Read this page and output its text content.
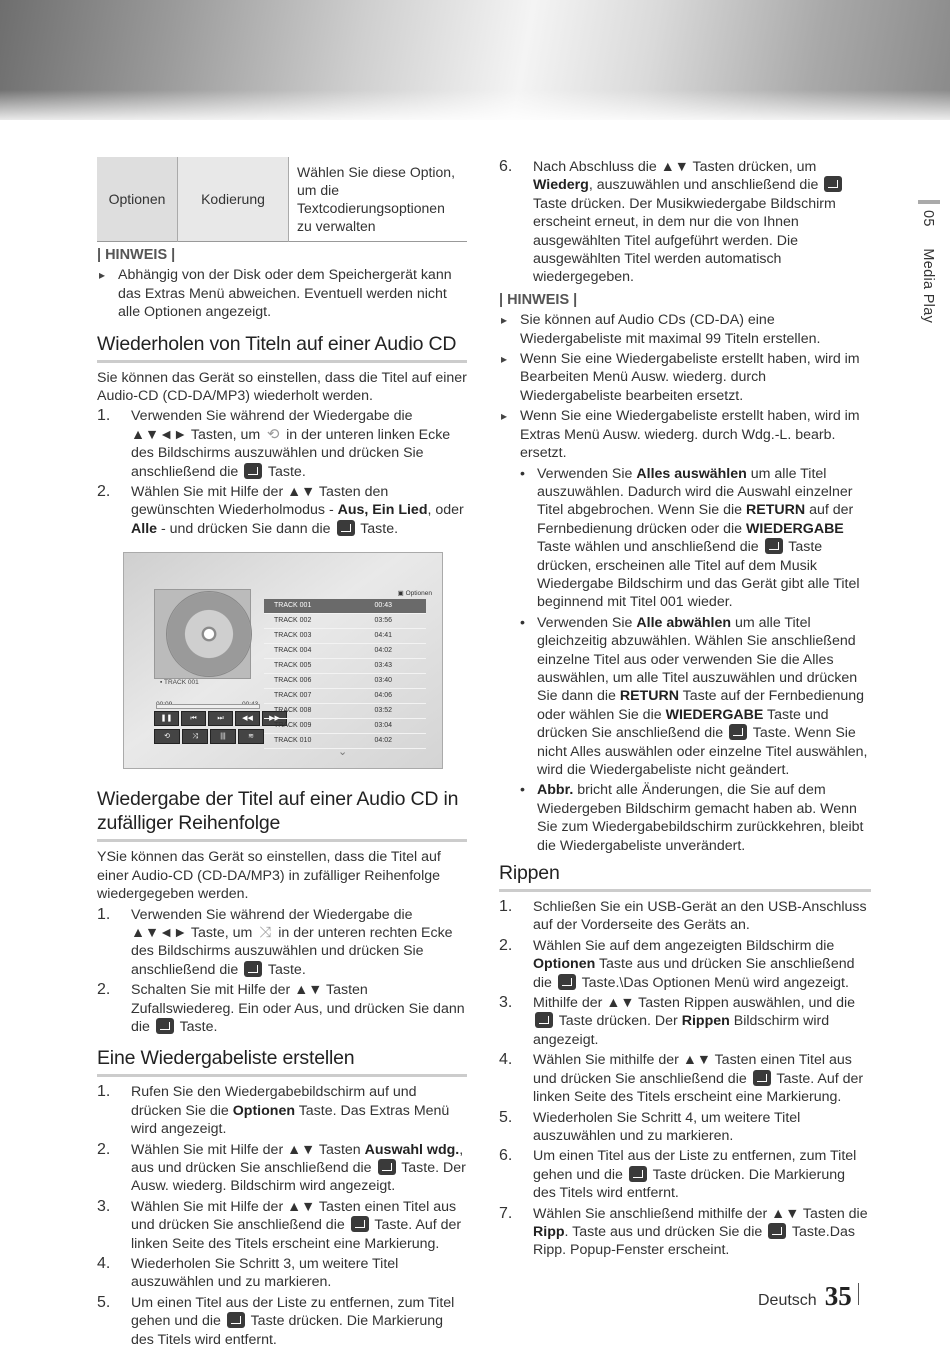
05     Media Play
Optionen	Kodierung	Wählen Sie diese Option, um die Textcodierungsoptionen zu verwalten
| HINWEIS |
▸ Abhängig von der Disk oder dem Speichergerät kann das Extras Menü abweichen. Eventuell werden nicht alle Optionen angezeigt.
Wiederholen von Titeln auf einer Audio CD

Sie können das Gerät so einstellen, dass die Titel auf einer Audio-CD (CD-DA/MP3) wiederholt werden.

1. Verwenden Sie während der Wiedergabe die ▲▼◄► Tasten, um ⟲ in der unteren linken Ecke des Bildschirms auszuwählen und drücken Sie anschließend die Taste.
2. Wählen Sie mit Hilfe der ▲▼ Tasten den gewünschten Wiederholmodus - Aus, Ein Lied, oder Alle - und drücken Sie dann die Taste.
▣ Optionen
▪ TRACK 001
❚❚	⏮	⏭	◀◀	▶▶
⟲	⤨	|||	≋
TRACK 001	00:43
TRACK 002	03:56
TRACK 003	04:41
TRACK 004	04:02
TRACK 005	03:43
TRACK 006	03:40
TRACK 007	04:06
TRACK 008	03:52
TRACK 009	03:04
TRACK 010	04:02
⌄
Wiedergabe der Titel auf einer Audio CD in zufälliger Reihenfolge

YSie können das Gerät so einstellen, dass die Titel auf einer Audio-CD (CD-DA/MP3) in zufälliger Reihenfolge wiedergegeben werden.

1. Verwenden Sie während der Wiedergabe die ▲▼◄► Taste, um ⤨ in der unteren rechten Ecke des Bildschirms auszuwählen und drücken Sie anschließend die Taste.
2. Schalten Sie mit Hilfe der ▲▼ Tasten Zufallswiedereg. Ein oder Aus, und drücken Sie dann die Taste.
Eine Wiedergabeliste erstellen
1. Rufen Sie den Wiedergabebildschirm auf und drücken Sie die Optionen Taste. Das Extras Menü wird angezeigt.
2. Wählen Sie mit Hilfe der ▲▼ Tasten Auswahl wdg., aus und drücken Sie anschließend die Taste. Der Ausw. wiederg. Bildschirm wird angezeigt.
3. Wählen Sie mit Hilfe der ▲▼ Tasten einen Titel aus und drücken Sie anschließend die Taste. Auf der linken Seite des Titels erscheint eine Markierung.
4. Wiederholen Sie Schritt 3, um weitere Titel auszuwählen und zu markieren.
5. Um einen Titel aus der Liste zu entfernen, zum Titel gehen und die Taste drücken. Die Markierung des Titels wird entfernt.
6. Nach Abschluss die ▲▼ Tasten drücken, um Wiederg, auszuwählen und anschließend die  Taste drücken. Der Musikwiedergabe Bildschirm erscheint erneut, in dem nur die von Ihnen ausgewählten Titel aufgeführt werden. Die ausgewählten Titel werden automatisch wiedergegeben.
| HINWEIS |
▸ Sie können auf Audio CDs (CD-DA) eine Wiedergabeliste mit maximal 99 Titeln erstellen.
▸ Wenn Sie eine Wiedergabeliste erstellt haben, wird im Bearbeiten Menü Ausw. wiederg. durch Wiedergabeliste bearbeiten ersetzt.
▸ Wenn Sie eine Wiedergabeliste erstellt haben, wird im Extras Menü Ausw. wiederg. durch Wdg.-L. bearb. ersetzt.
• Verwenden Sie Alles auswählen um alle Titel auszuwählen. Dadurch wird die Auswahl einzelner Titel abgebrochen. Wenn Sie die RETURN auf der Fernbedienung drücken oder die WIEDERGABE Taste wählen und anschließend die Taste drücken, erscheinen alle Titel auf dem Musik Wiedergabe Bildschirm und das Gerät gibt alle Titel beginnend mit Titel 001 wieder.
• Verwenden Sie Alle abwählen um alle Titel gleichzeitig abzuwählen. Wählen Sie anschließend einzelne Titel aus oder verwenden Sie die Alles auswählen, um alle Titel auszuwählen und drücken Sie dann die RETURN Taste auf der Fernbedienung oder wählen Sie die WIEDERGABE Taste und drücken Sie anschließend die Taste. Wenn Sie nicht Alles auswählen oder einzelne Titel auswählen, wird die Wiedergabeliste nicht geändert.
• Abbr. bricht alle Änderungen, die Sie auf dem Wiedergeben Bildschirm gemacht haben ab. Wenn Sie zum Wiedergabebildschirm zurückkehren, bleibt die Wiedergabeliste unverändert.
Rippen
1. Schließen Sie ein USB-Gerät an den USB-Anschluss auf der Vorderseite des Geräts an.
2. Wählen Sie auf dem angezeigten Bildschirm die Optionen Taste aus und drücken Sie anschließend die Taste.\Das Optionen Menü wird angezeigt.
3. Mithilfe der ▲▼ Tasten Rippen auswählen, und die  Taste drücken. Der Rippen Bildschirm wird angezeigt.
4. Wählen Sie mithilfe der ▲▼ Tasten einen Titel aus und drücken Sie anschließend die Taste. Auf der linken Seite des Titels erscheint eine Markierung.
5. Wiederholen Sie Schritt 4, um weitere Titel auszuwählen und zu markieren.
6. Um einen Titel aus der Liste zu entfernen, zum Titel gehen und die Taste drücken. Die Markierung des Titels wird entfernt.
7. Wählen Sie anschließend mithilfe der ▲▼ Tasten die Ripp. Taste aus und drücken Sie die Taste.Das Ripp. Popup-Fenster erscheint.
Deutsch 35
